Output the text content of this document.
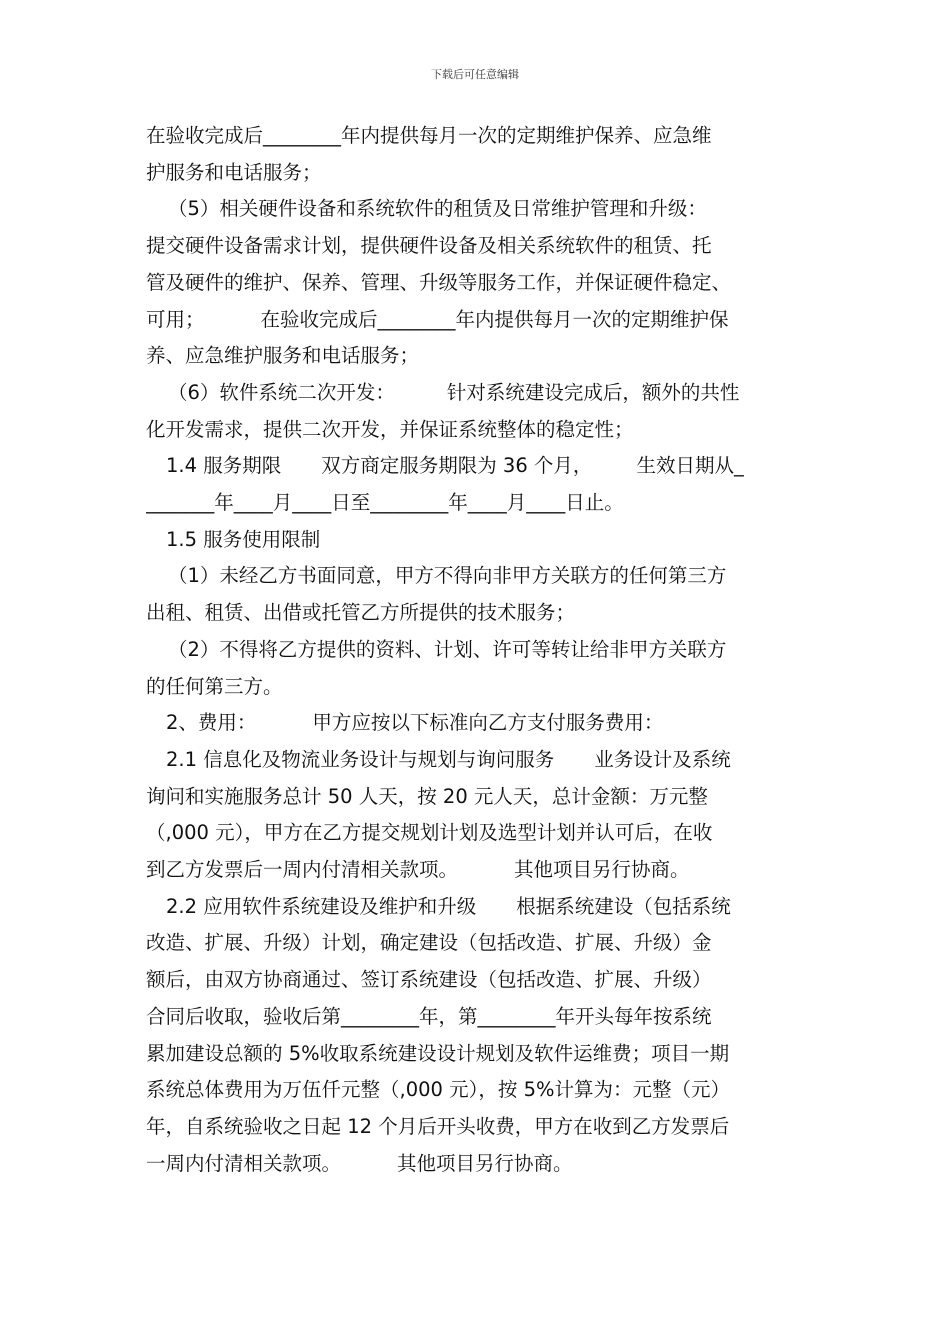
下载后可任意编辑
在验收完成后________年内提供每月一次的定期维护保养、应急维
护服务和电话服务；
（5）相关硬件设备和系统软件的租赁及日常维护管理和升级：
提交硬件设备需求计划，提供硬件设备及相关系统软件的租赁、托
管及硬件的维护、保养、管理、升级等服务工作，并保证硬件稳定、
可用；	在验收完成后________年内提供每月一次的定期维护保
养、应急维护服务和电话服务；
（6）软件系统二次开发：	针对系统建设完成后，额外的共性
化开发需求，提供二次开发，并保证系统整体的稳定性；
1.4 服务期限 双方商定服务期限为 36 个月， 生效日期从_
_______年____月____日至________年____月____日止。
1.5 服务使用限制
（1）未经乙方书面同意，甲方不得向非甲方关联方的任何第三方
出租、租赁、出借或托管乙方所提供的技术服务；
（2）不得将乙方提供的资料、计划、许可等转让给非甲方关联方
的任何第三方。
2、费用：	甲方应按以下标准向乙方支付服务费用：
2.1 信息化及物流业务设计与规划与询问服务 业务设计及系统
询问和实施服务总计 50 人天，按 20 元人天，总计金额：万元整
（,000 元），甲方在乙方提交规划计划及选型计划并认可后，在收
到乙方发票后一周内付清相关款项。	其他项目另行协商。
2.2 应用软件系统建设及维护和升级 根据系统建设（包括系统
改造、扩展、升级）计划，确定建设（包括改造、扩展、升级）金
额后，由双方协商通过、签订系统建设（包括改造、扩展、升级）
合同后收取，验收后第________年，第________年开头每年按系统
累加建设总额的 5%收取系统建设设计规划及软件运维费；项目一期
系统总体费用为万伍仟元整（,000 元），按 5%计算为：元整（元）
年，自系统验收之日起 12 个月后开头收费，甲方在收到乙方发票后
一周内付清相关款项。	其他项目另行协商。
